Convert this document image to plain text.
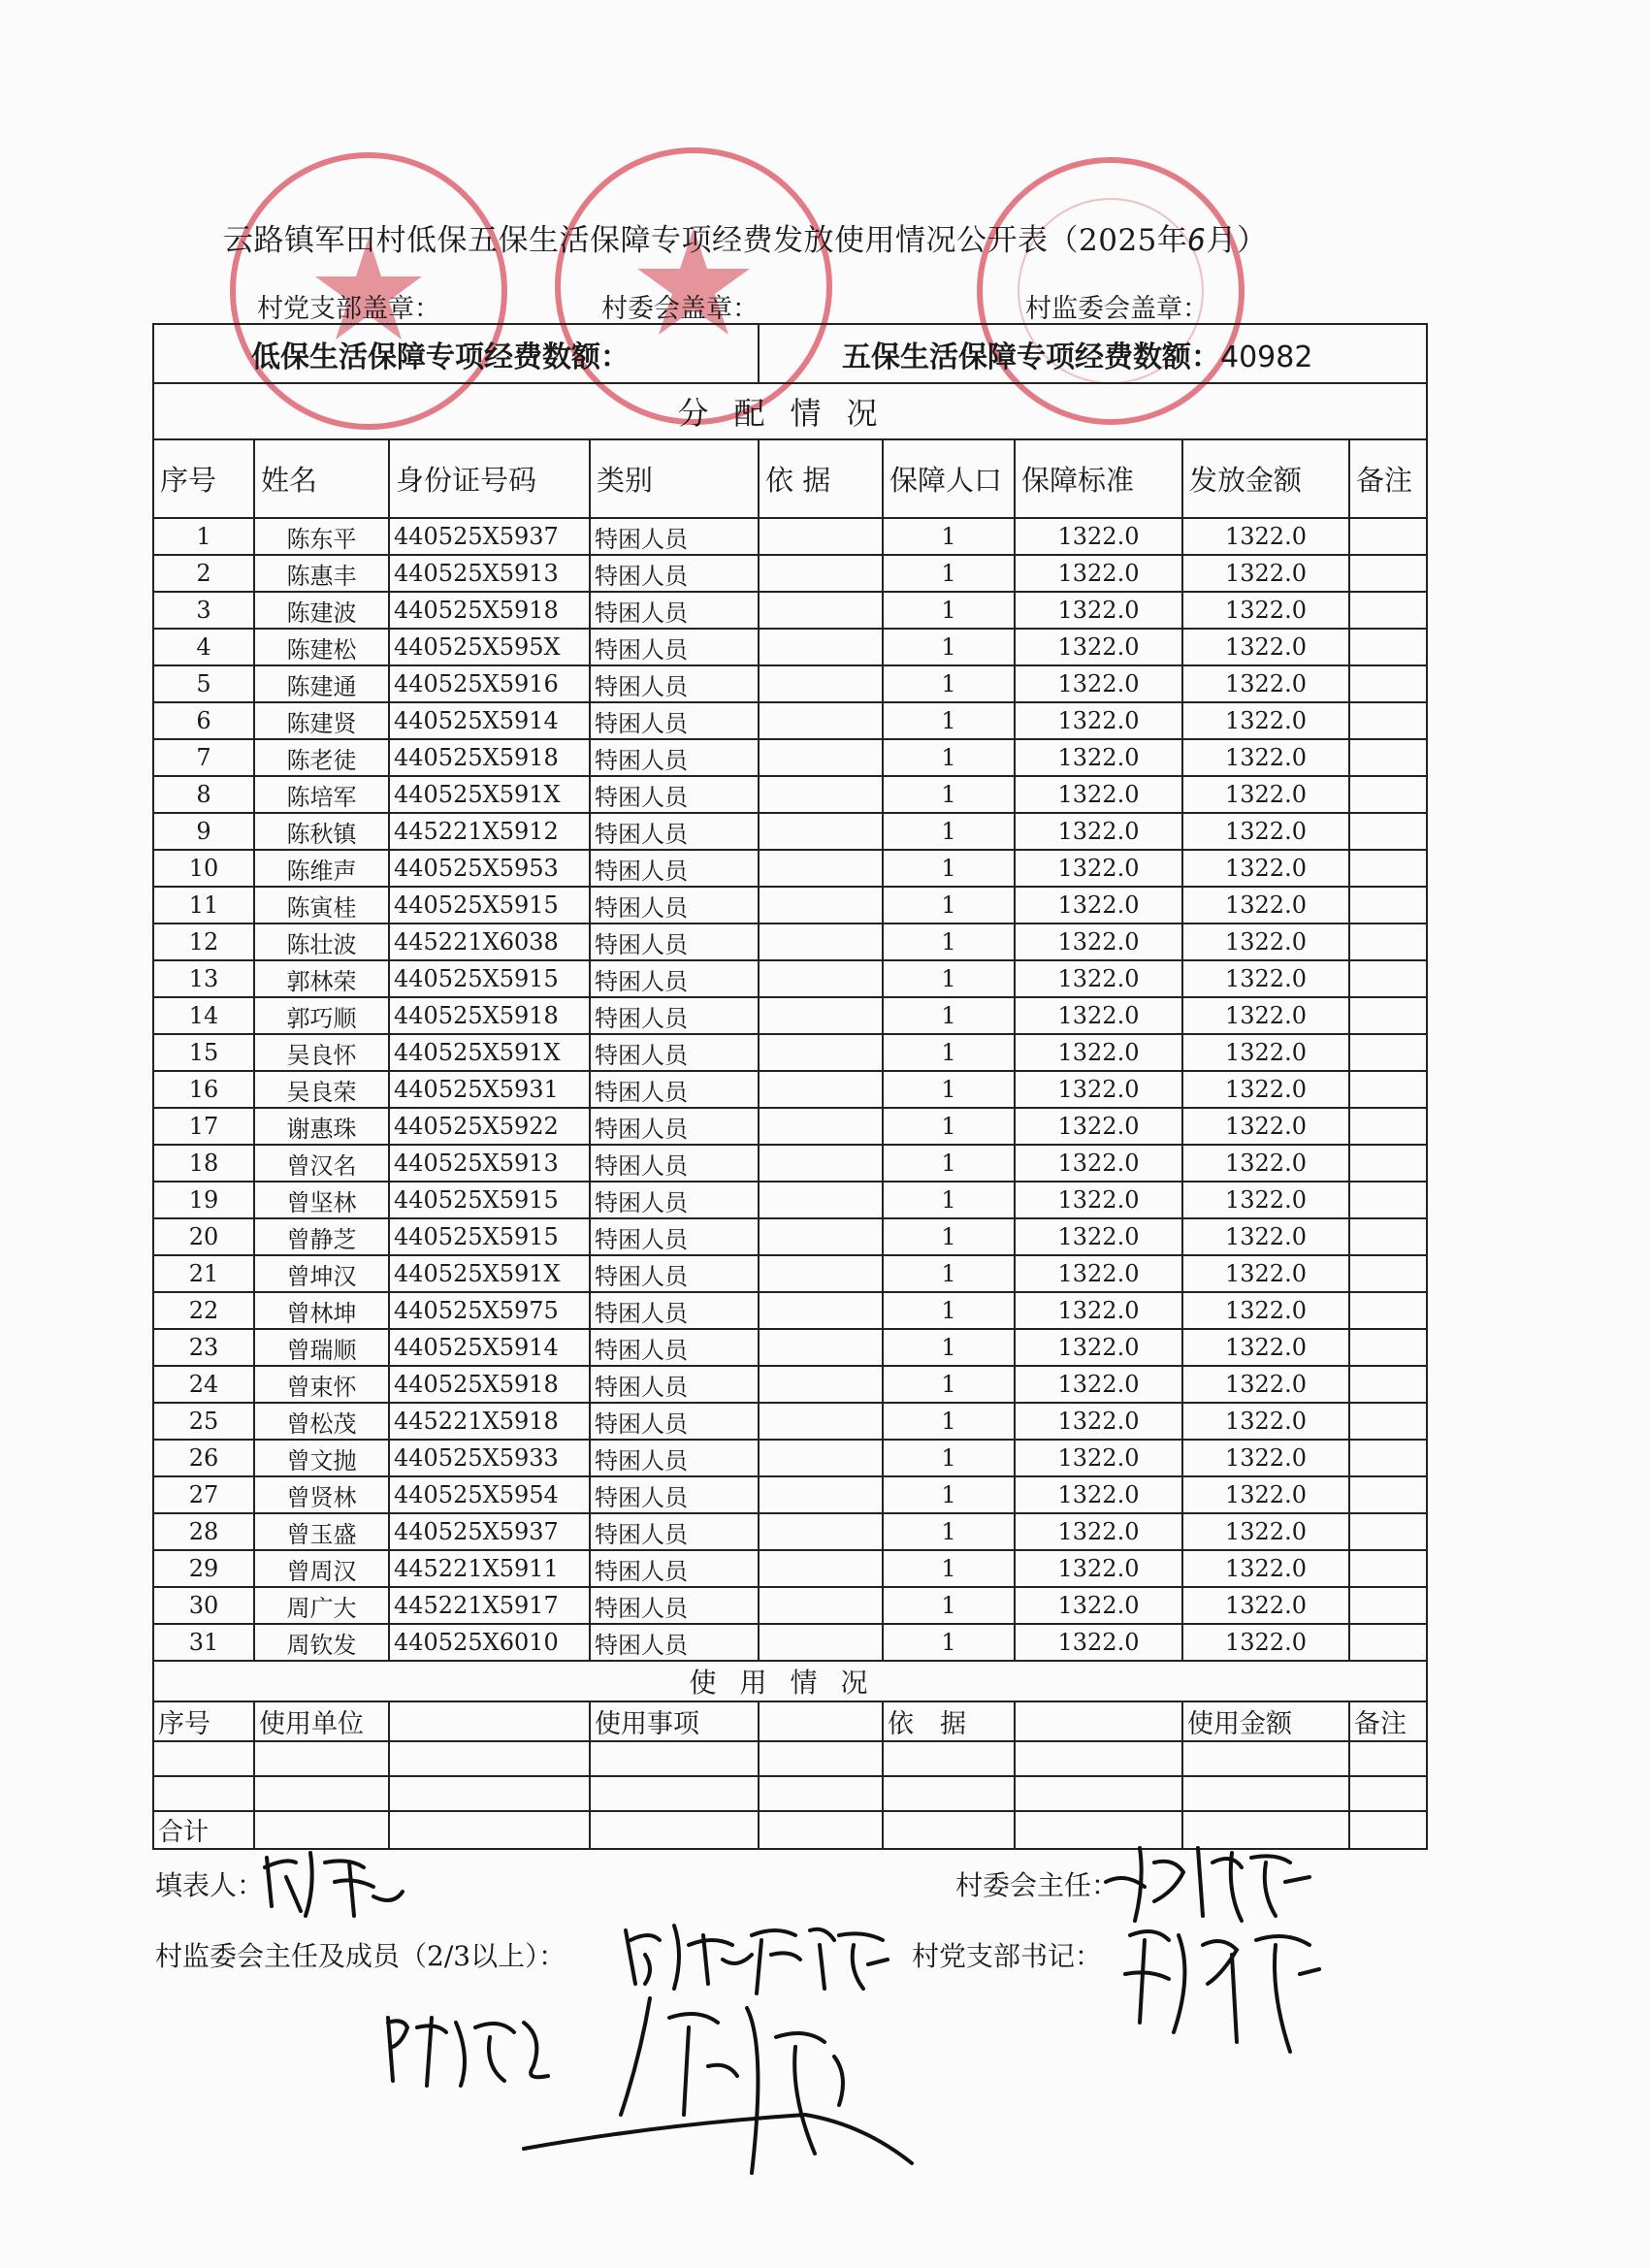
云路镇军田村低保五保生活保障专项经费发放使用情况公开表（2025年6月）
村党支部盖章：	村委会盖章：	村监委会盖章：
低保生活保障专项经费数额：				五保生活保障专项经费数额：40982				
分配情况								
序号	姓名	身份证号码	类别	依 据	保障人口	保障标准	发放金额	备注
1	陈东平	440525X5937	特困人员		1	1322.0	1322.0	
2	陈惠丰	440525X5913	特困人员		1	1322.0	1322.0	
3	陈建波	440525X5918	特困人员		1	1322.0	1322.0	
4	陈建松	440525X595X	特困人员		1	1322.0	1322.0	
5	陈建通	440525X5916	特困人员		1	1322.0	1322.0	
6	陈建贤	440525X5914	特困人员		1	1322.0	1322.0	
7	陈老徒	440525X5918	特困人员		1	1322.0	1322.0	
8	陈培军	440525X591X	特困人员		1	1322.0	1322.0	
9	陈秋镇	445221X5912	特困人员		1	1322.0	1322.0	
10	陈维声	440525X5953	特困人员		1	1322.0	1322.0	
11	陈寅桂	440525X5915	特困人员		1	1322.0	1322.0	
12	陈壮波	445221X6038	特困人员		1	1322.0	1322.0	
13	郭林荣	440525X5915	特困人员		1	1322.0	1322.0	
14	郭巧顺	440525X5918	特困人员		1	1322.0	1322.0	
15	吴良怀	440525X591X	特困人员		1	1322.0	1322.0	
16	吴良荣	440525X5931	特困人员		1	1322.0	1322.0	
17	谢惠珠	440525X5922	特困人员		1	1322.0	1322.0	
18	曾汉名	440525X5913	特困人员		1	1322.0	1322.0	
19	曾坚林	440525X5915	特困人员		1	1322.0	1322.0	
20	曾静芝	440525X5915	特困人员		1	1322.0	1322.0	
21	曾坤汉	440525X591X	特困人员		1	1322.0	1322.0	
22	曾林坤	440525X5975	特困人员		1	1322.0	1322.0	
23	曾瑞顺	440525X5914	特困人员		1	1322.0	1322.0	
24	曾束怀	440525X5918	特困人员		1	1322.0	1322.0	
25	曾松茂	445221X5918	特困人员		1	1322.0	1322.0	
26	曾文抛	440525X5933	特困人员		1	1322.0	1322.0	
27	曾贤林	440525X5954	特困人员		1	1322.0	1322.0	
28	曾玉盛	440525X5937	特困人员		1	1322.0	1322.0	
29	曾周汉	445221X5911	特困人员		1	1322.0	1322.0	
30	周广大	445221X5917	特困人员		1	1322.0	1322.0	
31	周钦发	440525X6010	特困人员		1	1322.0	1322.0	
使用情况								
序号	使用单位		使用事项		依　据		使用金额	备注

合计								
填表人：	村委会主任：
村监委会主任及成员（2/3以上）：	村党支部书记：
